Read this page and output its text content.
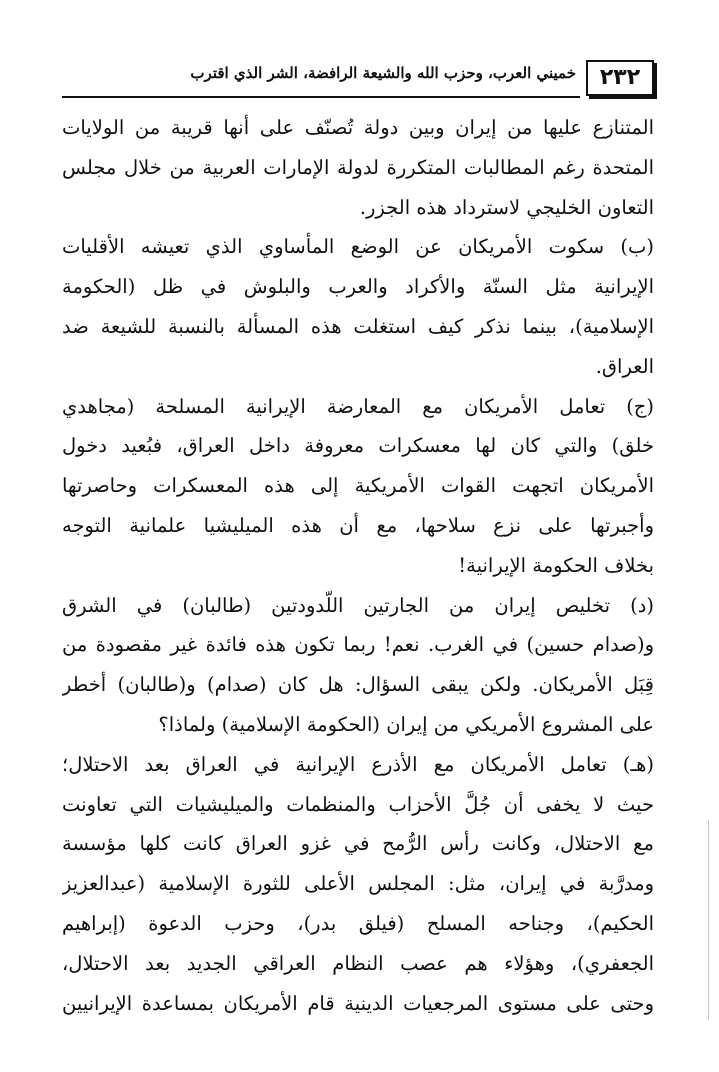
٢٣٢
خميني العرب، وحزب الله والشيعة الرافضة، الشر الذي اقترب
المتنازع عليها من إيران وبين دولة تُصنّف على أنها قريبة من الولايات
المتحدة رغم المطالبات المتكررة لدولة الإمارات العربية من خلال مجلس
التعاون الخليجي لاسترداد هذه الجزر.
(ب) سكوت الأمريكان عن الوضع المأساوي الذي تعيشه الأقليات
الإيرانية مثل السنّة والأكراد والعرب والبلوش في ظل (الحكومة
الإسلامية)، بينما نذكر كيف استغلت هذه المسألة بالنسبة للشيعة ضد
العراق.
(ج) تعامل الأمريكان مع المعارضة الإيرانية المسلحة (مجاهدي
خلق) والتي كان لها معسكرات معروفة داخل العراق، فبُعيد دخول
الأمريكان اتجهت القوات الأمريكية إلى هذه المعسكرات وحاصرتها
وأجبرتها على نزع سلاحها، مع أن هذه الميليشيا علمانية التوجه
بخلاف الحكومة الإيرانية!
(د) تخليص إيران من الجارتين اللّدودتين (طالبان) في الشرق
و(صدام حسين) في الغرب. نعم! ربما تكون هذه فائدة غير مقصودة من
قِبَل الأمريكان. ولكن يبقى السؤال: هل كان (صدام) و(طالبان) أخطر
على المشروع الأمريكي من إيران (الحكومة الإسلامية) ولماذا؟
(هـ) تعامل الأمريكان مع الأذرع الإيرانية في العراق بعد الاحتلال؛
حيث لا يخفى أن جُلَّ الأحزاب والمنظمات والميليشيات التي تعاونت
مع الاحتلال، وكانت رأس الرُّمح في غزو العراق كانت كلها مؤسسة
ومدرَّبة في إيران، مثل: المجلس الأعلى للثورة الإسلامية (عبدالعزيز
الحكيم)، وجناحه المسلح (فيلق بدر)، وحزب الدعوة (إبراهيم
الجعفري)، وهؤلاء هم عصب النظام العراقي الجديد بعد الاحتلال،
وحتى على مستوى المرجعيات الدينية قام الأمريكان بمساعدة الإيرانيين
